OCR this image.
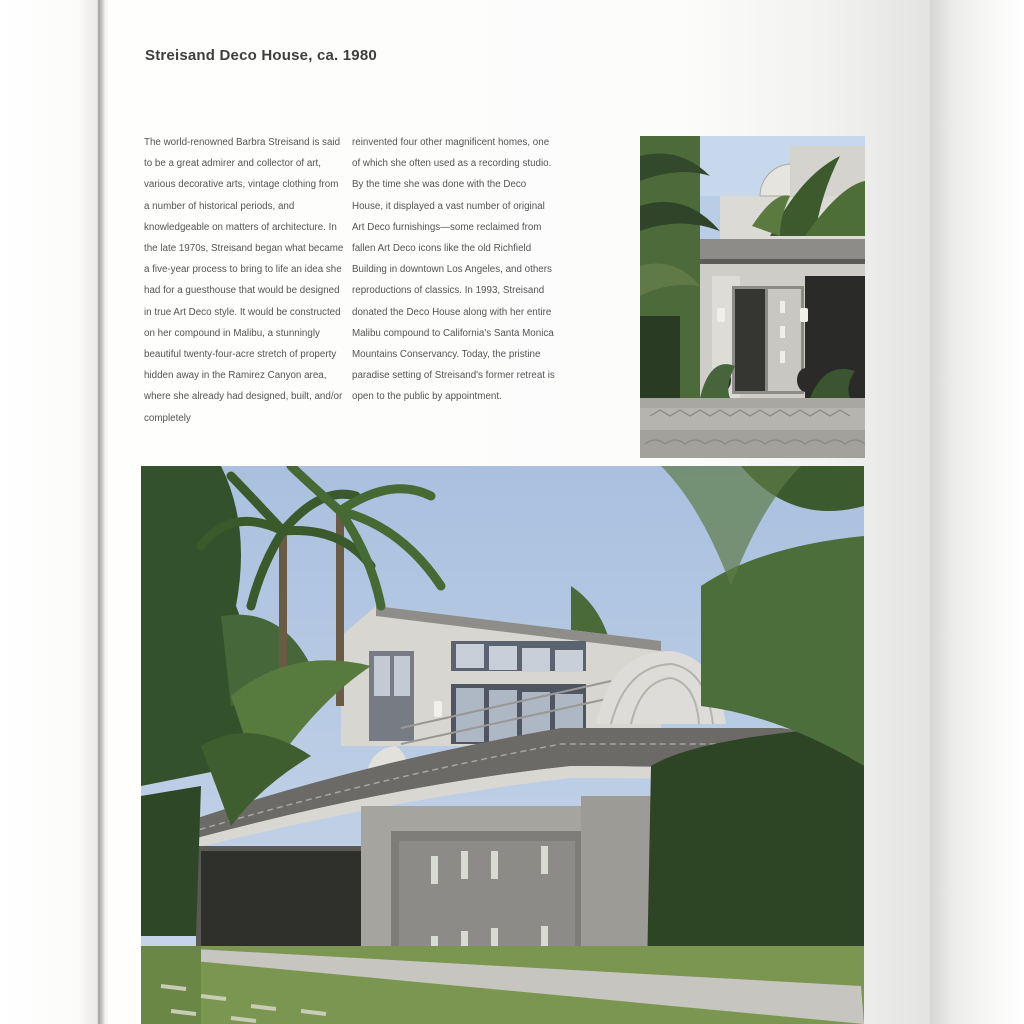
Streisand Deco House, ca. 1980

The world-renowned Barbra Streisand is said to be a great admirer and collector of art, various decorative arts, vintage clothing from a number of historical periods, and knowledgeable on matters of architecture. In the late 1970s, Streisand began what became a five-year process to bring to life an idea she had for a guesthouse that would be designed in true Art Deco style. It would be constructed on her compound in Malibu, a stunningly beautiful twenty-four-acre stretch of property hidden away in the Ramirez Canyon area, where she already had designed, built, and/or completely

reinvented four other magnificent homes, one of which she often used as a recording studio. By the time she was done with the Deco House, it displayed a vast number of original Art Deco furnishings—some reclaimed from fallen Art Deco icons like the old Richfield Building in downtown Los Angeles, and others reproductions of classics. In 1993, Streisand donated the Deco House along with her entire Malibu compound to California's Santa Monica Mountains Conservancy. Today, the pristine paradise setting of Streisand's former retreat is open to the public by appointment.
